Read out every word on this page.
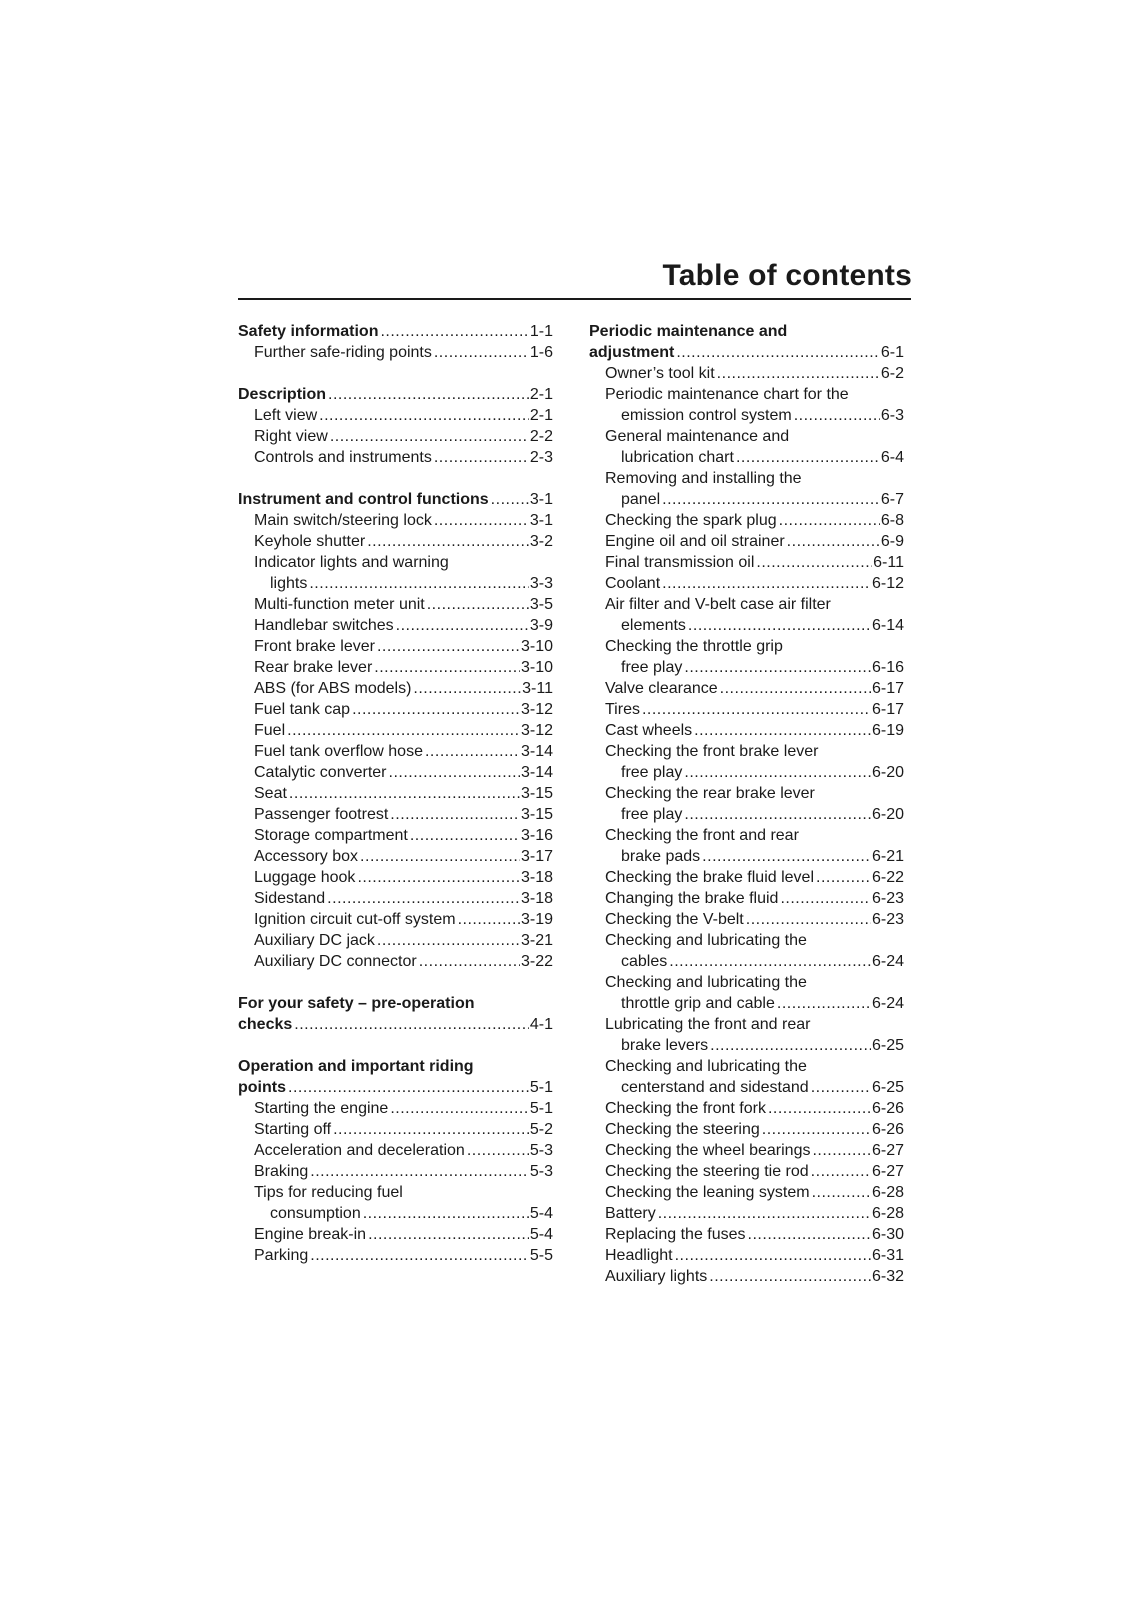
Table of contents
Safety information .....	1-1
Further safe-riding points .....	1-6
Description .....	2-1
Left view .....	2-1
Right view .....	2-2
Controls and instruments .....	2-3
Instrument and control functions .....	3-1
Main switch/steering lock .....	3-1
Keyhole shutter .....	3-2
Indicator lights and warning
lights .....	3-3
Multi-function meter unit .....	3-5
Handlebar switches .....	3-9
Front brake lever .....	3-10
Rear brake lever .....	3-10
ABS (for ABS models) .....	3-11
Fuel tank cap .....	3-12
Fuel .....	3-12
Fuel tank overflow hose .....	3-14
Catalytic converter .....	3-14
Seat .....	3-15
Passenger footrest .....	3-15
Storage compartment .....	3-16
Accessory box .....	3-17
Luggage hook .....	3-18
Sidestand .....	3-18
Ignition circuit cut-off system .....	3-19
Auxiliary DC jack .....	3-21
Auxiliary DC connector .....	3-22
For your safety – pre-operation
checks .....	4-1
Operation and important riding
points .....	5-1
Starting the engine .....	5-1
Starting off .....	5-2
Acceleration and deceleration .....	5-3
Braking .....	5-3
Tips for reducing fuel
consumption .....	5-4
Engine break-in .....	5-4
Parking .....	5-5
Periodic maintenance and
adjustment .....	6-1
Owner’s tool kit .....	6-2
Periodic maintenance chart for the
emission control system .....	6-3
General maintenance and
lubrication chart .....	6-4
Removing and installing the
panel .....	6-7
Checking the spark plug .....	6-8
Engine oil and oil strainer .....	6-9
Final transmission oil .....	6-11
Coolant .....	6-12
Air filter and V-belt case air filter
elements .....	6-14
Checking the throttle grip
free play .....	6-16
Valve clearance .....	6-17
Tires .....	6-17
Cast wheels .....	6-19
Checking the front brake lever
free play .....	6-20
Checking the rear brake lever
free play .....	6-20
Checking the front and rear
brake pads .....	6-21
Checking the brake fluid level .....	6-22
Changing the brake fluid .....	6-23
Checking the V-belt .....	6-23
Checking and lubricating the
cables .....	6-24
Checking and lubricating the
throttle grip and cable .....	6-24
Lubricating the front and rear
brake levers .....	6-25
Checking and lubricating the
centerstand and sidestand .....	6-25
Checking the front fork .....	6-26
Checking the steering .....	6-26
Checking the wheel bearings .....	6-27
Checking the steering tie rod .....	6-27
Checking the leaning system .....	6-28
Battery .....	6-28
Replacing the fuses .....	6-30
Headlight .....	6-31
Auxiliary lights .....	6-32
